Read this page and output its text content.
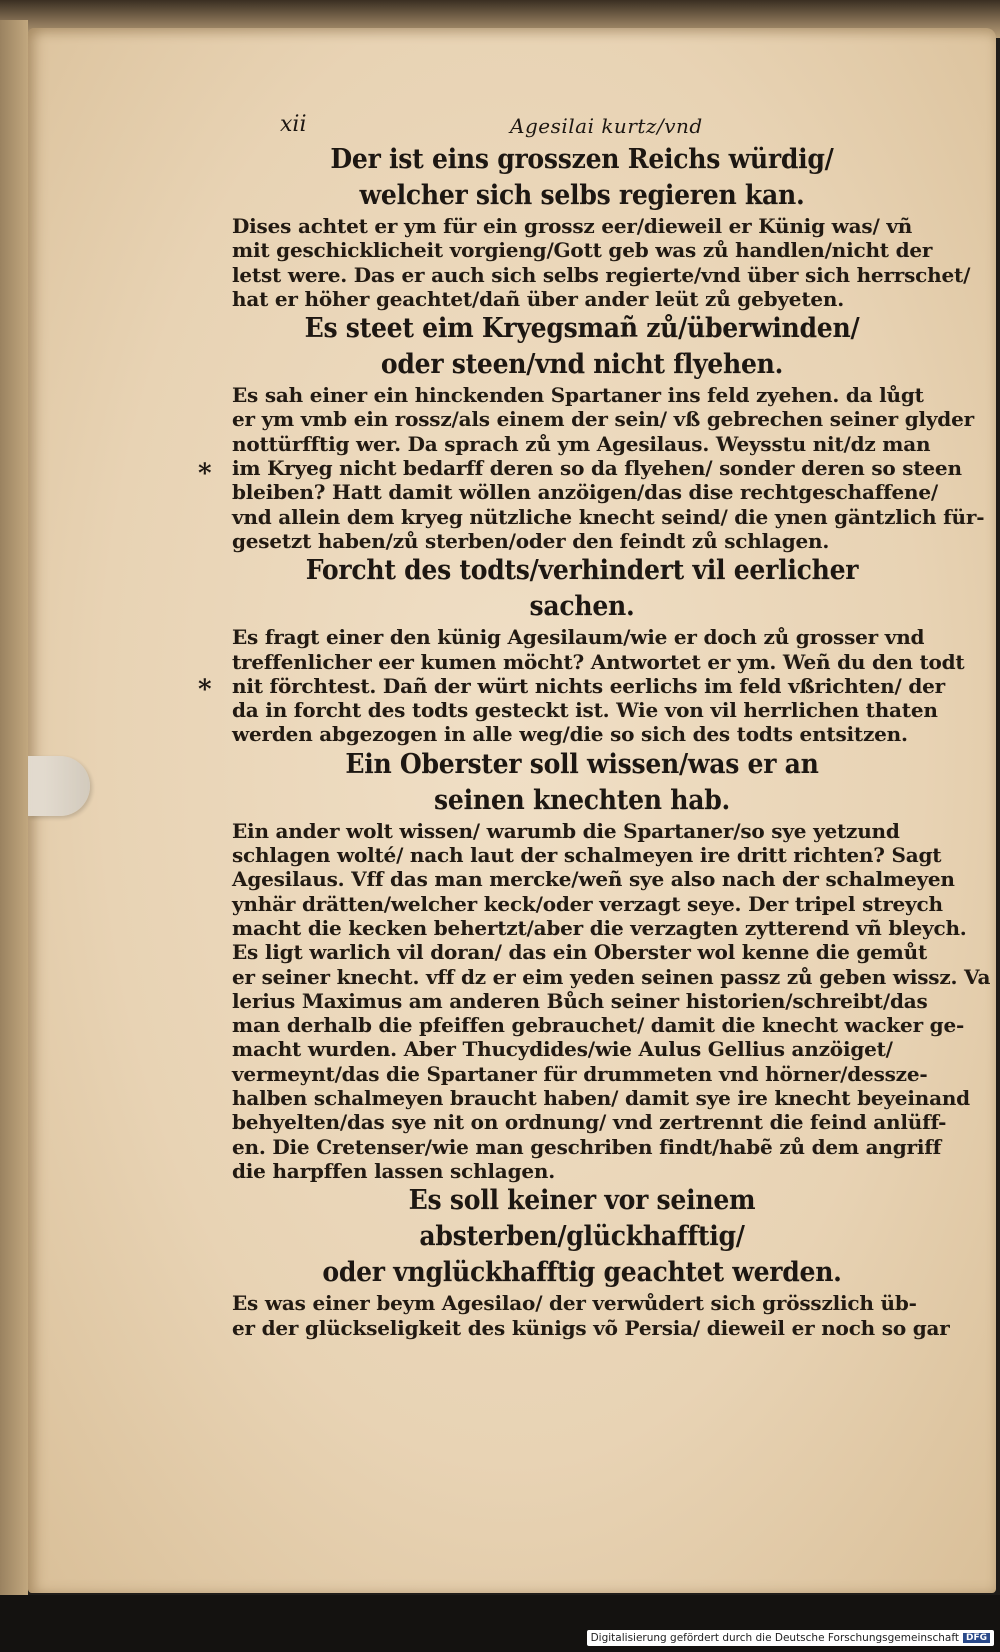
xii	Agesilai kurtz/vnd
Der ist eins grosszen Reichs würdig/
welcher sich selbs regieren kan.

Dises achtet er ym für ein grossz eer/dieweil er Künig was/ vñ

mit geschicklicheit vorgieng/Gott geb was zů handlen/nicht der

letst were. Das er auch sich selbs regierte/vnd über sich herrschet/

hat er höher geachtet/dañ über ander leüt zů gebyeten.

Es steet eim Kryegsmañ zů/überwinden/
oder steen/vnd nicht flyehen.
*

Es sah einer ein hinckenden Spartaner ins feld zyehen. da lůgt

er ym vmb ein rossz/als einem der sein/ vß gebrechen seiner glyder

nottürfftig wer. Da sprach zů ym Agesilaus. Weysstu nit/dz man

im Kryeg nicht bedarff deren so da flyehen/ sonder deren so steen

bleiben? Hatt damit wöllen anzöigen/das dise rechtgeschaffene/

vnd allein dem kryeg nützliche knecht seind/ die ynen gäntzlich für-

gesetzt haben/zů sterben/oder den feindt zů schlagen.

Forcht des todts/verhindert vil eerlicher sachen.
*

Es fragt einer den künig Agesilaum/wie er doch zů grosser vnd

treffenlicher eer kumen möcht? Antwortet er ym. Weñ du den todt

nit förchtest. Dañ der würt nichts eerlichs im feld vßrichten/ der

da in forcht des todts gesteckt ist. Wie von vil herrlichen thaten

werden abgezogen in alle weg/die so sich des todts entsitzen.

Ein Oberster soll wissen/was er an
seinen knechten hab.

Ein ander wolt wissen/ warumb die Spartaner/so sye yetzund

schlagen wolté/ nach laut der schalmeyen ire dritt richten? Sagt

Agesilaus. Vff das man mercke/weñ sye also nach der schalmeyen

ynhär drätten/welcher keck/oder verzagt seye. Der tripel streych

macht die kecken behertzt/aber die verzagten zytterend vñ bleych.

Es ligt warlich vil doran/ das ein Oberster wol kenne die gemůt

er seiner knecht. vff dz er eim yeden seinen passz zů geben wissz. Va

lerius Maximus am anderen Bůch seiner historien/schreibt/das

man derhalb die pfeiffen gebrauchet/ damit die knecht wacker ge-

macht wurden. Aber Thucydides/wie Aulus Gellius anzöiget/

vermeynt/das die Spartaner für drummeten vnd hörner/dessze-

halben schalmeyen braucht haben/ damit sye ire knecht beyeinand

behyelten/das sye nit on ordnung/ vnd zertrennt die feind anlüff-

en. Die Cretenser/wie man geschriben findt/habẽ zů dem angriff

die harpffen lassen schlagen.

Es soll keiner vor seinem absterben/glückhafftig/
oder vnglückhafftig geachtet werden.

Es was einer beym Agesilao/ der verwůdert sich grösszlich üb-

er der glückseligkeit des künigs võ Persia/ dieweil er noch so gar

Digitalisierung gefördert durch die Deutsche Forschungsgemeinschaft DFG
